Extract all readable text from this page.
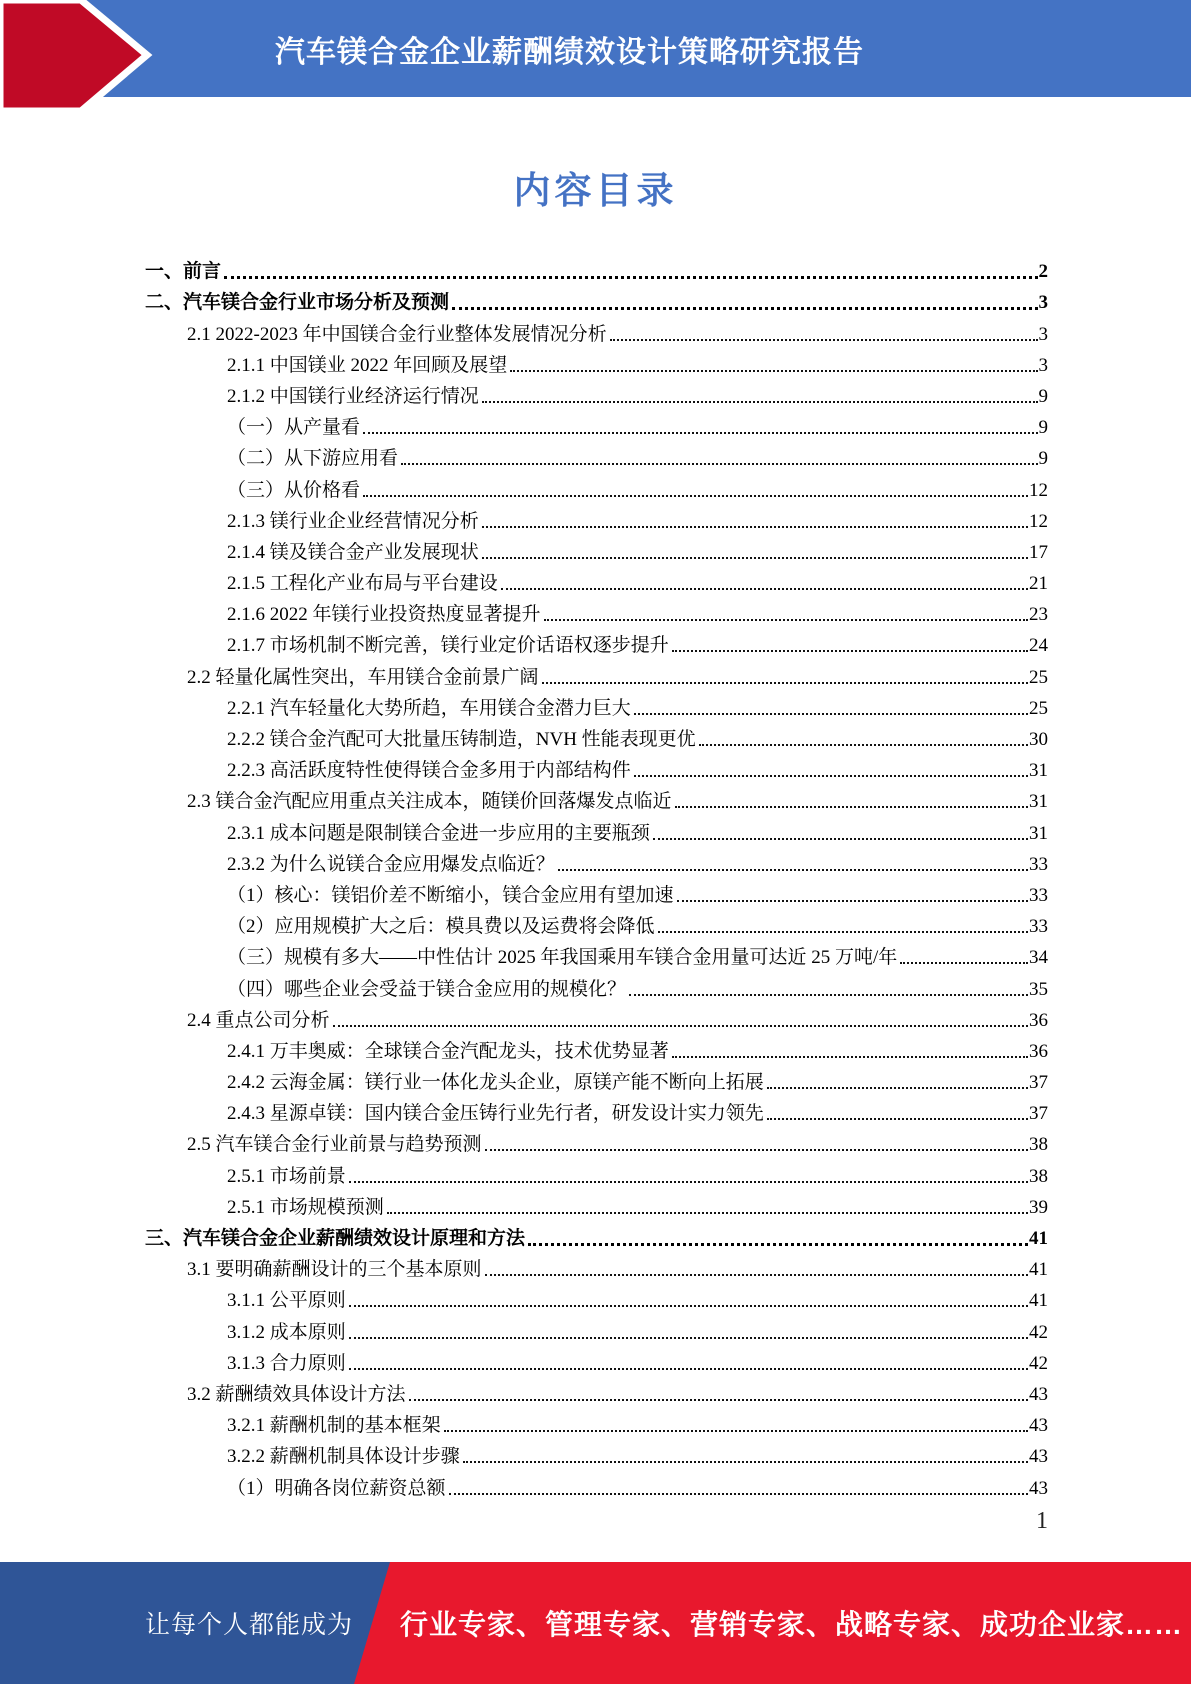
汽车镁合金企业薪酬绩效设计策略研究报告
内容目录
一、前言	2
二、汽车镁合金行业市场分析及预测	3
2.1 2022-2023 年中国镁合金行业整体发展情况分析	3
2.1.1 中国镁业 2022 年回顾及展望	3
2.1.2 中国镁行业经济运行情况	9
（一）从产量看	9
（二）从下游应用看	9
（三）从价格看	12
2.1.3 镁行业企业经营情况分析	12
2.1.4 镁及镁合金产业发展现状	17
2.1.5 工程化产业布局与平台建设	21
2.1.6 2022 年镁行业投资热度显著提升	23
2.1.7 市场机制不断完善，镁行业定价话语权逐步提升	24
2.2 轻量化属性突出，车用镁合金前景广阔	25
2.2.1 汽车轻量化大势所趋，车用镁合金潜力巨大	25
2.2.2 镁合金汽配可大批量压铸制造，NVH 性能表现更优	30
2.2.3 高活跃度特性使得镁合金多用于内部结构件	31
2.3 镁合金汽配应用重点关注成本，随镁价回落爆发点临近	31
2.3.1 成本问题是限制镁合金进一步应用的主要瓶颈	31
2.3.2 为什么说镁合金应用爆发点临近？	33
（1）核心：镁铝价差不断缩小，镁合金应用有望加速	33
（2）应用规模扩大之后：模具费以及运费将会降低	33
（三）规模有多大——中性估计 2025 年我国乘用车镁合金用量可达近 25 万吨/年	34
（四）哪些企业会受益于镁合金应用的规模化？	35
2.4 重点公司分析	36
2.4.1 万丰奥威：全球镁合金汽配龙头，技术优势显著	36
2.4.2 云海金属：镁行业一体化龙头企业，原镁产能不断向上拓展	37
2.4.3 星源卓镁：国内镁合金压铸行业先行者，研发设计实力领先	37
2.5 汽车镁合金行业前景与趋势预测	38
2.5.1 市场前景	38
2.5.1 市场规模预测	39
三、汽车镁合金企业薪酬绩效设计原理和方法	41
3.1 要明确薪酬设计的三个基本原则	41
3.1.1 公平原则	41
3.1.2 成本原则	42
3.1.3 合力原则	42
3.2 薪酬绩效具体设计方法	43
3.2.1 薪酬机制的基本框架	43
3.2.2 薪酬机制具体设计步骤	43
（1）明确各岗位薪资总额	43
1
让每个人都能成为 行业专家、管理专家、营销专家、战略专家、成功企业家……
